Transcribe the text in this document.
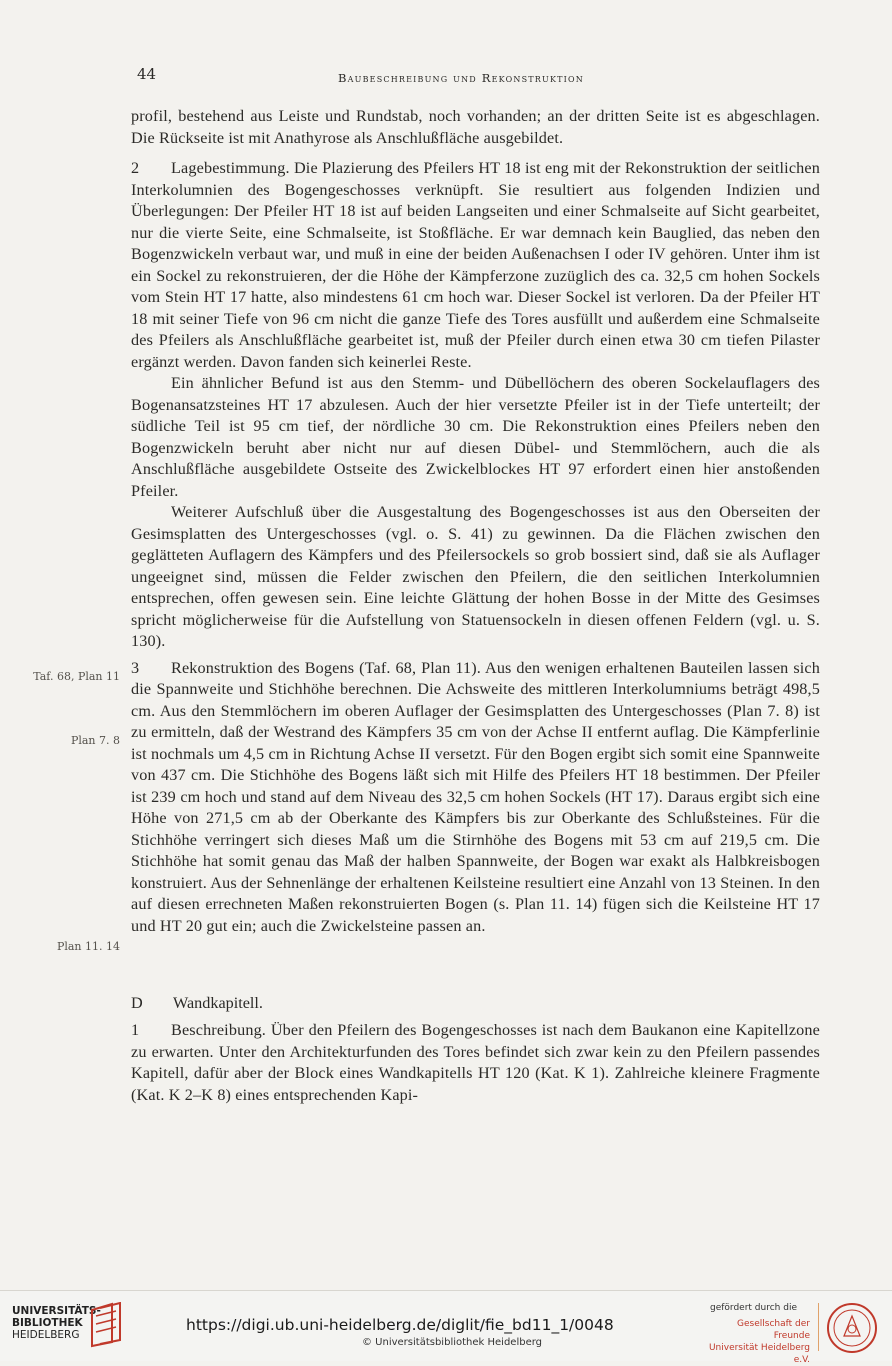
44	Baubeschreibung und Rekonstruktion

profil, bestehend aus Leiste und Rundstab, noch vorhanden; an der dritten Seite ist es abgeschlagen. Die Rückseite ist mit Anathyrose als Anschlußfläche ausgebildet.

2 Lagebestimmung. Die Plazierung des Pfeilers HT 18 ist eng mit der Rekonstruktion der seitlichen Interkolumnien des Bogengeschosses verknüpft. Sie resultiert aus folgenden Indizien und Überlegungen: Der Pfeiler HT 18 ist auf beiden Langseiten und einer Schmalseite auf Sicht gearbeitet, nur die vierte Seite, eine Schmalseite, ist Stoßfläche. Er war demnach kein Bauglied, das neben den Bogenzwickeln verbaut war, und muß in eine der beiden Außenachsen I oder IV gehören. Unter ihm ist ein Sockel zu rekonstruieren, der die Höhe der Kämpferzone zuzüglich des ca. 32,5 cm hohen Sockels vom Stein HT 17 hatte, also mindestens 61 cm hoch war. Dieser Sockel ist verloren. Da der Pfeiler HT 18 mit seiner Tiefe von 96 cm nicht die ganze Tiefe des Tores ausfüllt und außerdem eine Schmalseite des Pfeilers als Anschlußfläche gearbeitet ist, muß der Pfeiler durch einen etwa 30 cm tiefen Pilaster ergänzt werden. Davon fanden sich keinerlei Reste.

Ein ähnlicher Befund ist aus den Stemm- und Dübellöchern des oberen Sockelauflagers des Bogenansatzsteines HT 17 abzulesen. Auch der hier versetzte Pfeiler ist in der Tiefe unterteilt; der südliche Teil ist 95 cm tief, der nördliche 30 cm. Die Rekonstruktion eines Pfeilers neben den Bogenzwickeln beruht aber nicht nur auf diesen Dübel- und Stemmlöchern, auch die als Anschlußfläche ausgebildete Ostseite des Zwickelblockes HT 97 erfordert einen hier anstoßenden Pfeiler.

Weiterer Aufschluß über die Ausgestaltung des Bogengeschosses ist aus den Oberseiten der Gesimsplatten des Untergeschosses (vgl. o. S. 41) zu gewinnen. Da die Flächen zwischen den geglätteten Auflagern des Kämpfers und des Pfeilersockels so grob bossiert sind, daß sie als Auflager ungeeignet sind, müssen die Felder zwischen den Pfeilern, die den seitlichen Interkolumnien entsprechen, offen gewesen sein. Eine leichte Glättung der hohen Bosse in der Mitte des Gesimses spricht möglicherweise für die Aufstellung von Statuensockeln in diesen offenen Feldern (vgl. u. S. 130).

3 Rekonstruktion des Bogens (Taf. 68, Plan 11). Aus den wenigen erhaltenen Bauteilen lassen sich die Spannweite und Stichhöhe berechnen. Die Achsweite des mittleren Interkolumniums beträgt 498,5 cm. Aus den Stemmlöchern im oberen Auflager der Gesimsplatten des Untergeschosses (Plan 7. 8) ist zu ermitteln, daß der Westrand des Kämpfers 35 cm von der Achse II entfernt auflag. Die Kämpferlinie ist nochmals um 4,5 cm in Richtung Achse II versetzt. Für den Bogen ergibt sich somit eine Spannweite von 437 cm. Die Stichhöhe des Bogens läßt sich mit Hilfe des Pfeilers HT 18 bestimmen. Der Pfeiler ist 239 cm hoch und stand auf dem Niveau des 32,5 cm hohen Sockels (HT 17). Daraus ergibt sich eine Höhe von 271,5 cm ab der Oberkante des Kämpfers bis zur Oberkante des Schlußsteines. Für die Stichhöhe verringert sich dieses Maß um die Stirnhöhe des Bogens mit 53 cm auf 219,5 cm. Die Stichhöhe hat somit genau das Maß der halben Spannweite, der Bogen war exakt als Halbkreisbogen konstruiert. Aus der Sehnenlänge der erhaltenen Keilsteine resultiert eine Anzahl von 13 Steinen. In den auf diesen errechneten Maßen rekonstruierten Bogen (s. Plan 11. 14) fügen sich die Keilsteine HT 17 und HT 20 gut ein; auch die Zwickelsteine passen an.

Taf. 68, Plan 11
Plan 7. 8
Plan 11. 14
D Wandkapitell.

1 Beschreibung. Über den Pfeilern des Bogengeschosses ist nach dem Baukanon eine Kapitellzone zu erwarten. Unter den Architekturfunden des Tores befindet sich zwar kein zu den Pfeilern passendes Kapitell, dafür aber der Block eines Wandkapitells HT 120 (Kat. K 1). Zahlreiche kleinere Fragmente (Kat. K 2–K 8) eines entsprechenden Kapi-

UNIVERSITÄTS-
BIBLIOTHEK
HEIDELBERG
https://digi.ub.uni-heidelberg.de/diglit/fie_bd11_1/0048
© Universitätsbibliothek Heidelberg
gefördert durch die
Gesellschaft der Freunde
Universität Heidelberg e.V.
